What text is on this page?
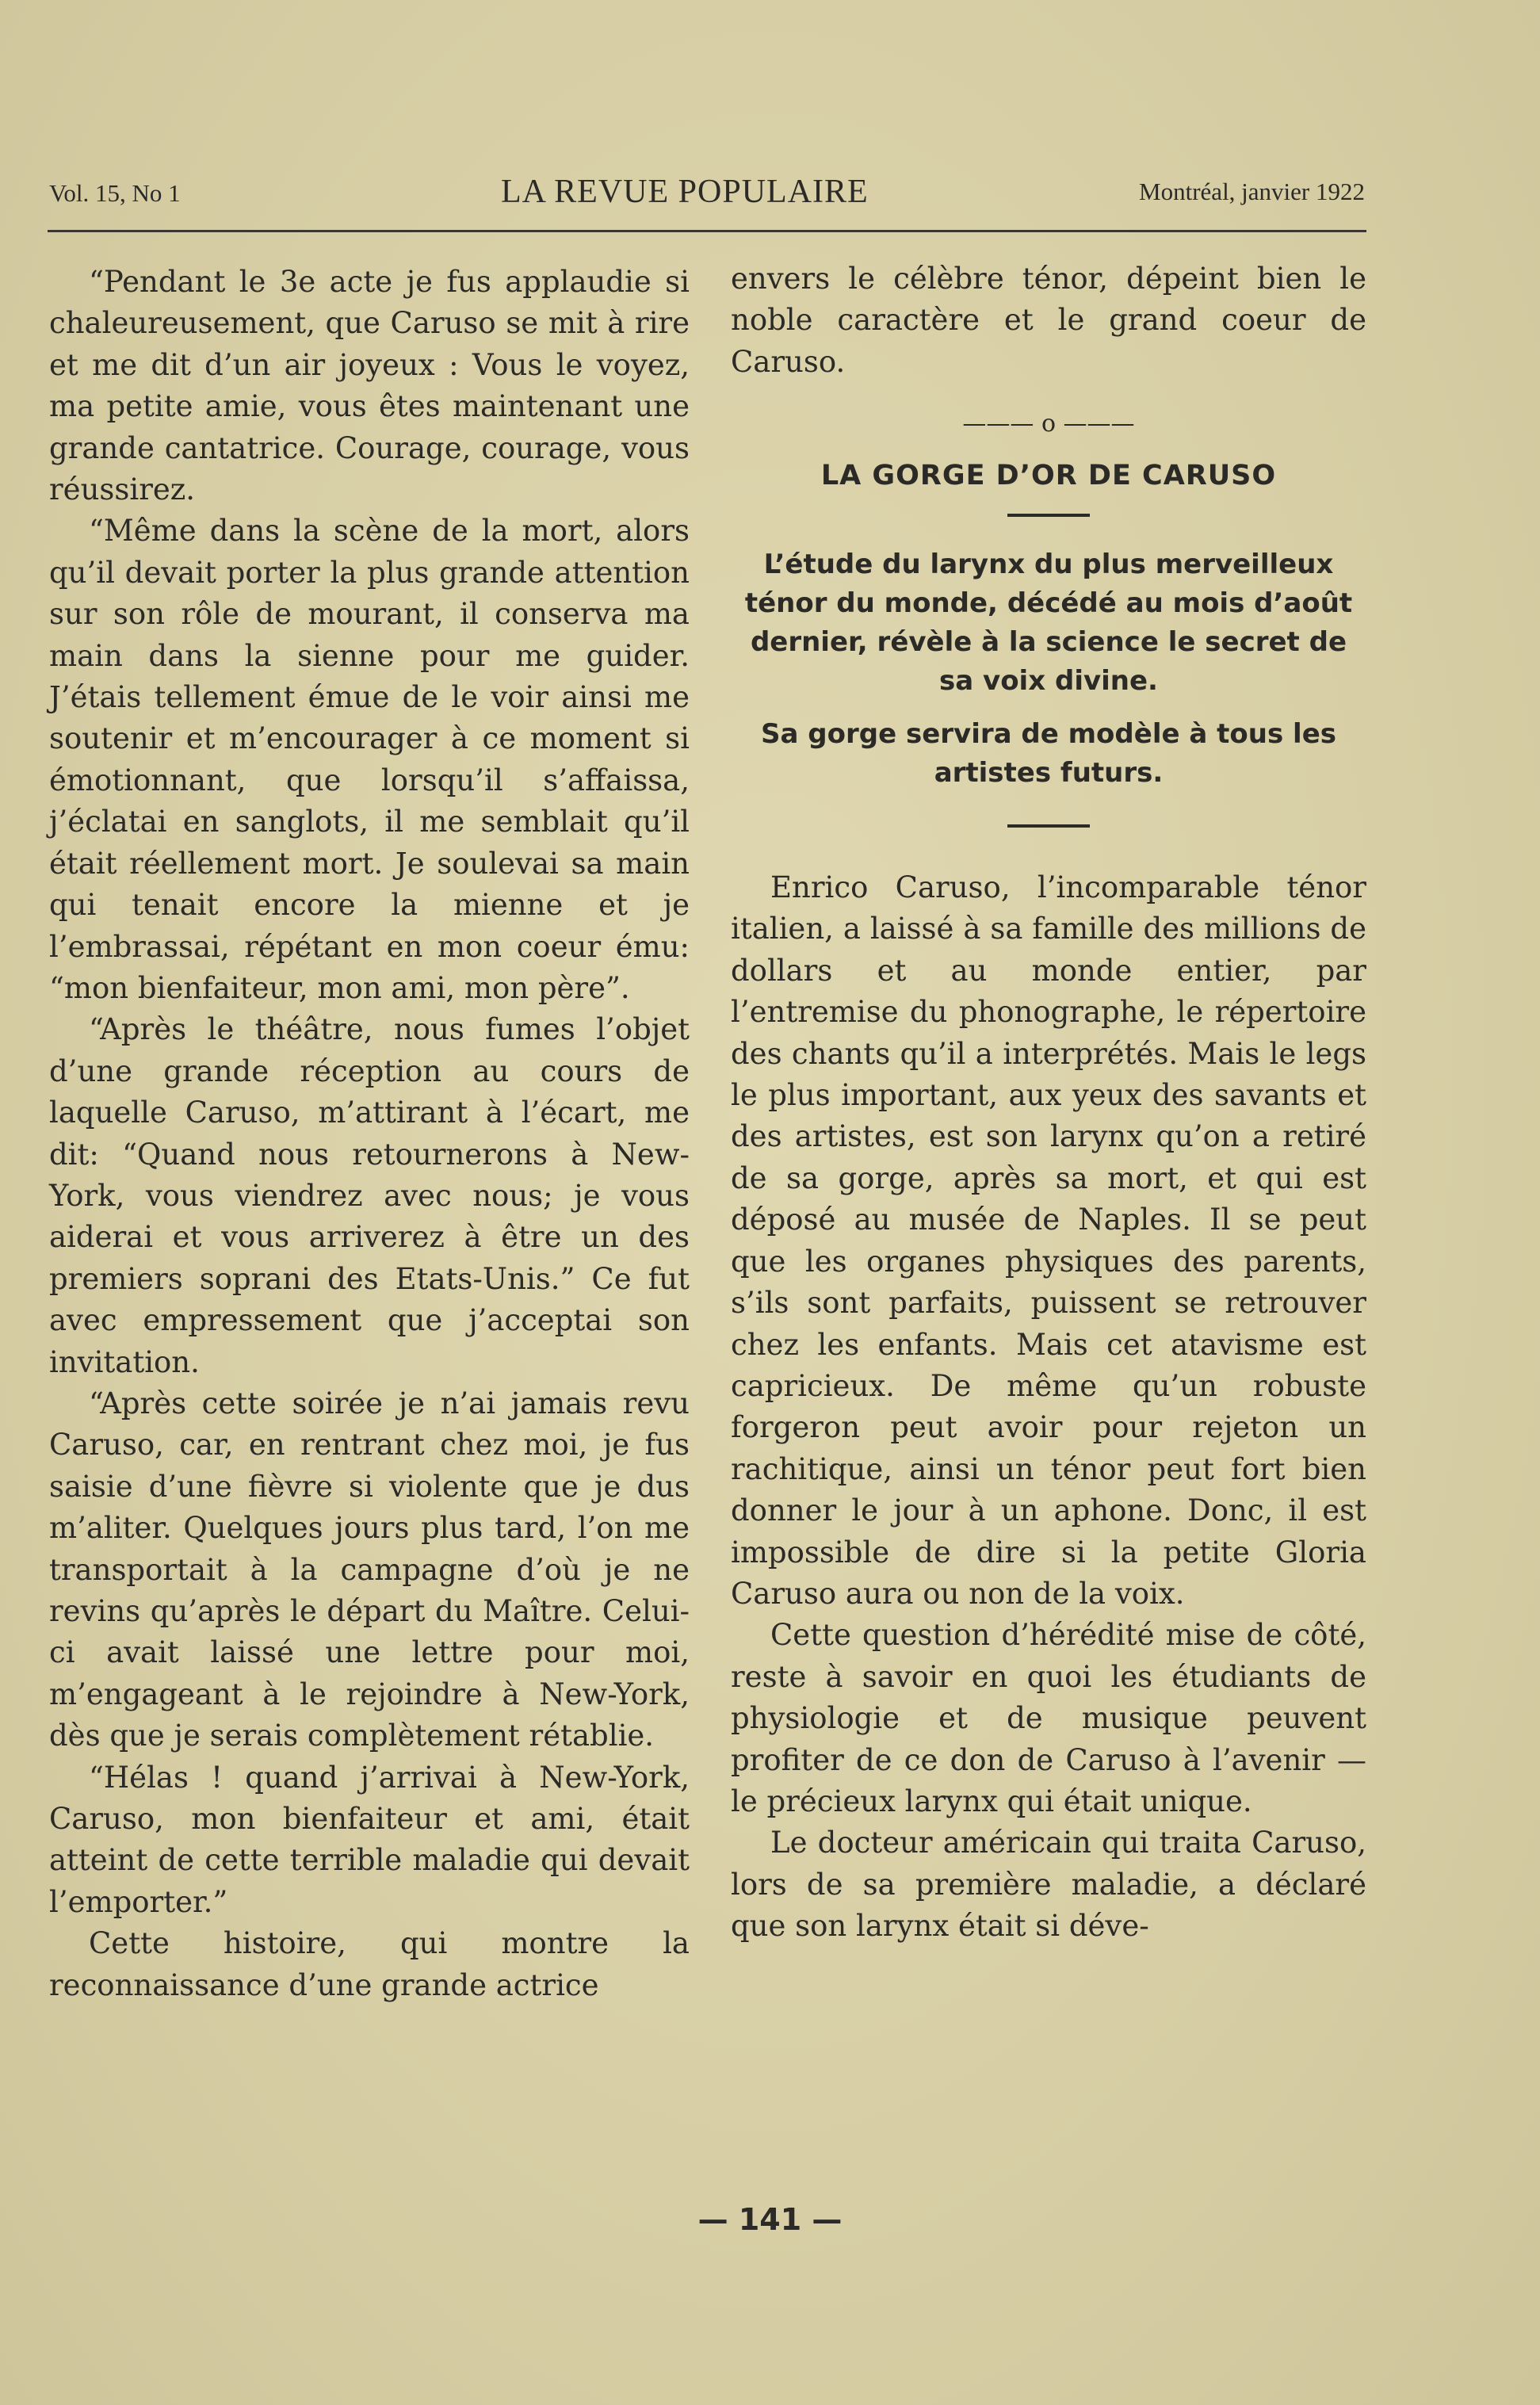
Vol. 15, No 1	LA REVUE POPULAIRE	Montréal, janvier 1922

“Pendant le 3e acte je fus applaudie si chaleureusement, que Caruso se mit à rire et me dit d’un air joyeux : Vous le voyez, ma petite amie, vous êtes maintenant une grande cantatrice. Courage, courage, vous réussirez.

“Même dans la scène de la mort, alors qu’il devait porter la plus grande attention sur son rôle de mourant, il conserva ma main dans la sienne pour me guider. J’étais tellement émue de le voir ainsi me soutenir et m’encourager à ce moment si émotionnant, que lorsqu’il s’affaissa, j’éclatai en sanglots, il me semblait qu’il était réellement mort. Je soulevai sa main qui tenait encore la mienne et je l’embrassai, répétant en mon coeur ému: “mon bienfaiteur, mon ami, mon père”.

“Après le théâtre, nous fumes l’objet d’une grande réception au cours de laquelle Caruso, m’attirant à l’écart, me dit: “Quand nous retournerons à New-York, vous viendrez avec nous; je vous aiderai et vous arriverez à être un des premiers soprani des Etats-Unis.” Ce fut avec empressement que j’acceptai son invitation.

“Après cette soirée je n’ai jamais revu Caruso, car, en rentrant chez moi, je fus saisie d’une fièvre si violente que je dus m’aliter. Quelques jours plus tard, l’on me transportait à la campagne d’où je ne revins qu’après le départ du Maître. Celui-ci avait laissé une lettre pour moi, m’engageant à le rejoindre à New-York, dès que je serais complètement rétablie.

“Hélas ! quand j’arrivai à New-York, Caruso, mon bienfaiteur et ami, était atteint de cette terrible maladie qui devait l’emporter.”

Cette histoire, qui montre la reconnaissance d’une grande actrice

envers le célèbre ténor, dépeint bien le noble caractère et le grand coeur de Caruso.

——— o ———
LA GORGE D’OR DE CARUSO
L’étude du larynx du plus merveilleux ténor du monde, décédé au mois d’août dernier, révèle à la science le secret de sa voix divine.
Sa gorge servira de modèle à tous les artistes futurs.

Enrico Caruso, l’incomparable ténor italien, a laissé à sa famille des millions de dollars et au monde entier, par l’entremise du phonographe, le répertoire des chants qu’il a interprétés. Mais le legs le plus important, aux yeux des savants et des artistes, est son larynx qu’on a retiré de sa gorge, après sa mort, et qui est déposé au musée de Naples. Il se peut que les organes physiques des parents, s’ils sont parfaits, puissent se retrouver chez les enfants. Mais cet atavisme est capricieux. De même qu’un robuste forgeron peut avoir pour rejeton un rachitique, ainsi un ténor peut fort bien donner le jour à un aphone. Donc, il est impossible de dire si la petite Gloria Caruso aura ou non de la voix.

Cette question d’hérédité mise de côté, reste à savoir en quoi les étudiants de physiologie et de musique peuvent profiter de ce don de Caruso à l’avenir — le précieux larynx qui était unique.

Le docteur américain qui traita Caruso, lors de sa première maladie, a déclaré que son larynx était si déve-

— 141 —
